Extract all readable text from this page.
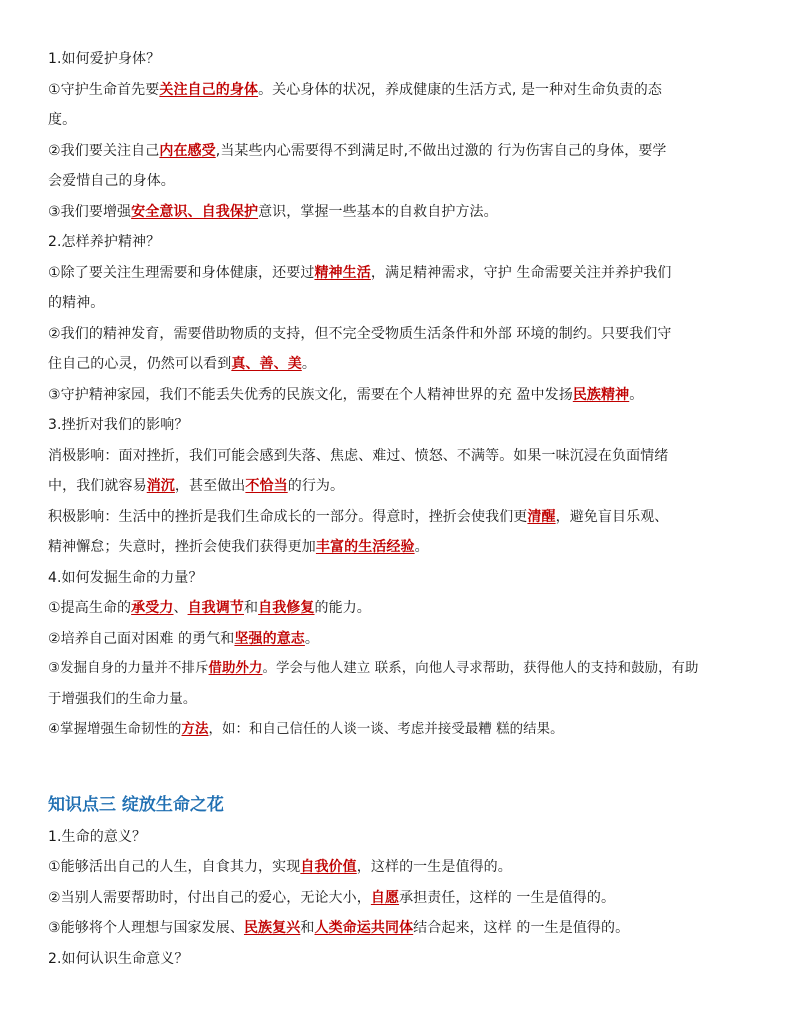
1.如何爱护身体？
①守护生命首先要关注自己的身体。关心身体的状况，养成健康的生活方式, 是一种对生命负责的态
度。
②我们要关注自己内在感受,当某些内心需要得不到满足时,不做出过激的 行为伤害自己的身体，要学
会爱惜自己的身体。
③我们要增强安全意识、自我保护意识，掌握一些基本的自救自护方法。
2.怎样养护精神？
①除了要关注生理需要和身体健康，还要过精神生活，满足精神需求，守护 生命需要关注并养护我们
的精神。
②我们的精神发育，需要借助物质的支持，但不完全受物质生活条件和外部 环境的制约。只要我们守
住自己的心灵，仍然可以看到真、善、美。
③守护精神家园，我们不能丢失优秀的民族文化，需要在个人精神世界的充 盈中发扬民族精神。
3.挫折对我们的影响？
消极影响：面对挫折，我们可能会感到失落、焦虑、难过、愤怒、不满等。如果一味沉浸在负面情绪
中，我们就容易消沉，甚至做出不恰当的行为。
积极影响：生活中的挫折是我们生命成长的一部分。得意时，挫折会使我们更清醒，避免盲目乐观、
精神懈怠；失意时，挫折会使我们获得更加丰富的生活经验。
4.如何发掘生命的力量？
①提高生命的承受力、自我调节和自我修复的能力。
②培养自己面对困难 的勇气和坚强的意志。
③发掘自身的力量并不排斥借助外力。学会与他人建立 联系，向他人寻求帮助，获得他人的支持和鼓励，有助
于增强我们的生命力量。
④掌握增强生命韧性的方法，如：和自己信任的人谈一谈、考虑并接受最糟 糕的结果。
知识点三 绽放生命之花
1.生命的意义？
①能够活出自己的人生，自食其力，实现自我价值，这样的一生是值得的。
②当别人需要帮助时，付出自己的爱心，无论大小，自愿承担责任，这样的 一生是值得的。
③能够将个人理想与国家发展、民族复兴和人类命运共同体结合起来，这样 的一生是值得的。
2.如何认识生命意义？
